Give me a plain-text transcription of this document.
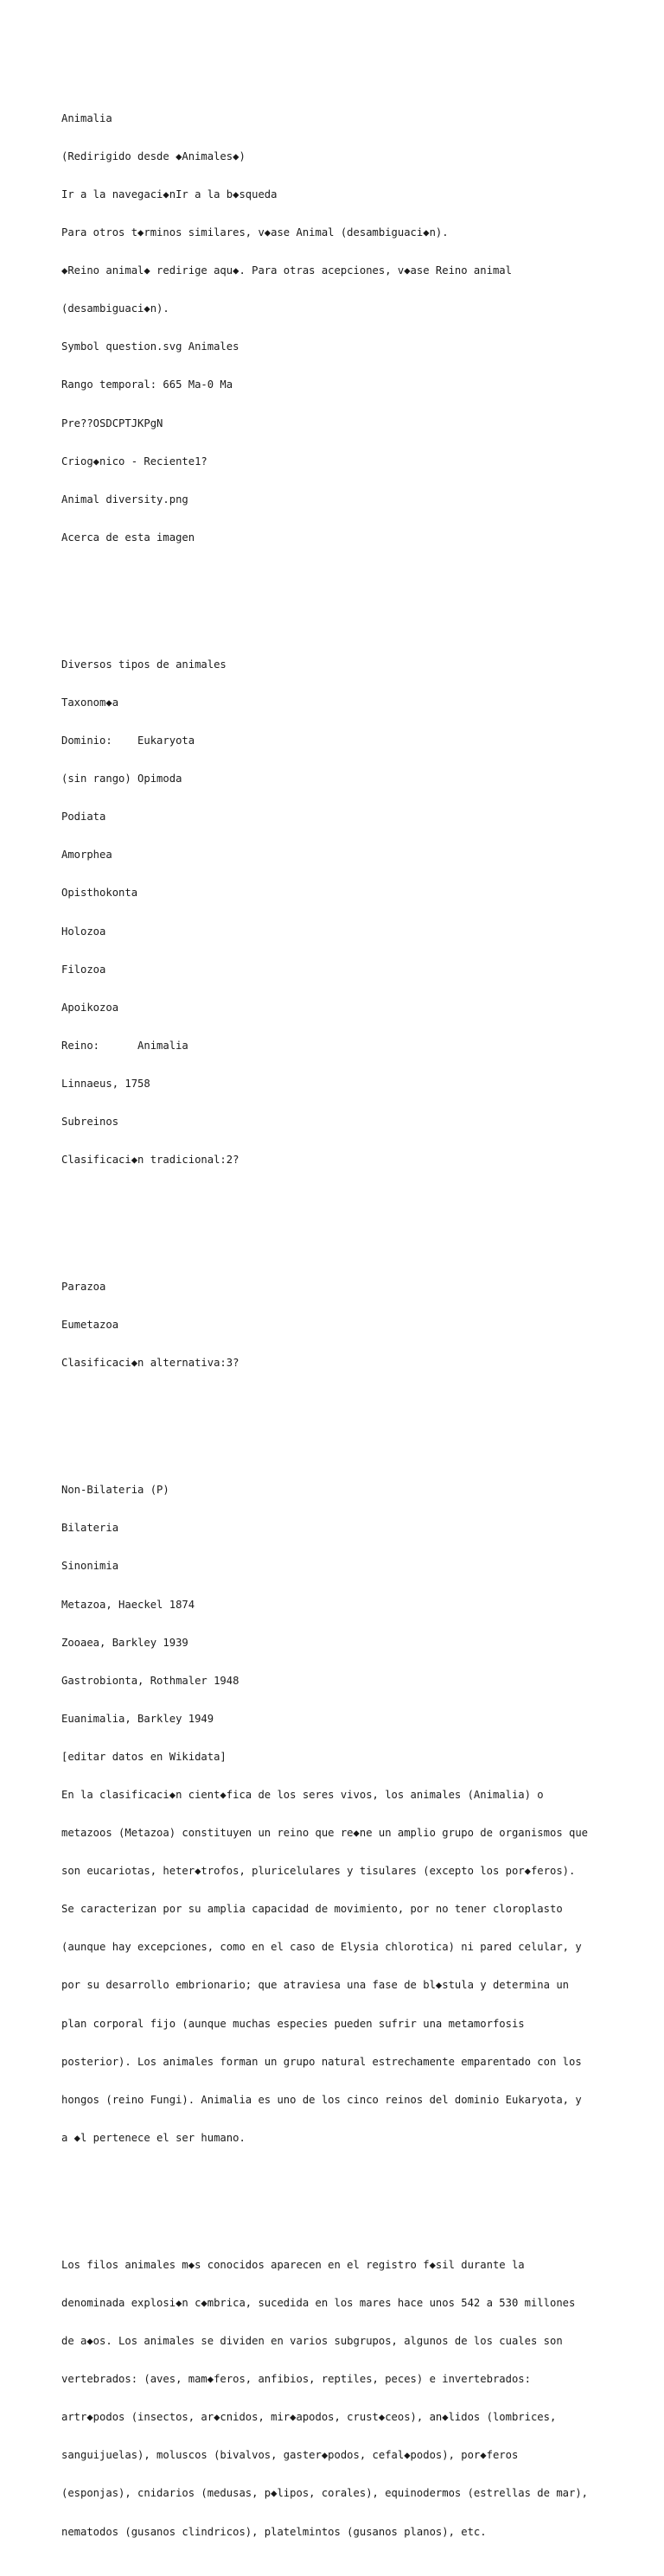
Animalia

(Redirigido desde ◆Animales◆)

Ir a la navegaci◆nIr a la b◆squeda

Para otros t◆rminos similares, v◆ase Animal (desambiguaci◆n).

◆Reino animal◆ redirige aqu◆. Para otras acepciones, v◆ase Reino animal

(desambiguaci◆n).

Symbol question.svg Animales

Rango temporal: 665 Ma-0 Ma

Pre??OSDCPTJKPgN

Criog◆nico - Reciente1?

Animal diversity.png

Acerca de esta imagen

Diversos tipos de animales

Taxonom◆a

Dominio:    Eukaryota

(sin rango) Opimoda

Podiata

Amorphea

Opisthokonta

Holozoa

Filozoa

Apoikozoa

Reino:      Animalia

Linnaeus, 1758

Subreinos

Clasificaci◆n tradicional:2?

Parazoa

Eumetazoa

Clasificaci◆n alternativa:3?

Non-Bilateria (P)

Bilateria

Sinonimia

Metazoa, Haeckel 1874

Zooaea, Barkley 1939

Gastrobionta, Rothmaler 1948

Euanimalia, Barkley 1949

[editar datos en Wikidata]

En la clasificaci◆n cient◆fica de los seres vivos, los animales (Animalia) o

metazoos (Metazoa) constituyen un reino que re◆ne un amplio grupo de organismos que

son eucariotas, heter◆trofos, pluricelulares y tisulares (excepto los por◆feros).

Se caracterizan por su amplia capacidad de movimiento, por no tener cloroplasto

(aunque hay excepciones, como en el caso de Elysia chlorotica) ni pared celular, y

por su desarrollo embrionario; que atraviesa una fase de bl◆stula y determina un

plan corporal fijo (aunque muchas especies pueden sufrir una metamorfosis

posterior). Los animales forman un grupo natural estrechamente emparentado con los

hongos (reino Fungi). Animalia es uno de los cinco reinos del dominio Eukaryota, y

a ◆l pertenece el ser humano.

Los filos animales m◆s conocidos aparecen en el registro f◆sil durante la

denominada explosi◆n c◆mbrica, sucedida en los mares hace unos 542 a 530 millones

de a◆os. Los animales se dividen en varios subgrupos, algunos de los cuales son

vertebrados: (aves, mam◆feros, anfibios, reptiles, peces) e invertebrados:

artr◆podos (insectos, ar◆cnidos, mir◆apodos, crust◆ceos), an◆lidos (lombrices,

sanguijuelas), moluscos (bivalvos, gaster◆podos, cefal◆podos), por◆feros

(esponjas), cnidarios (medusas, p◆lipos, corales), equinodermos (estrellas de mar),

nematodos (gusanos clindricos), platelmintos (gusanos planos), etc.
